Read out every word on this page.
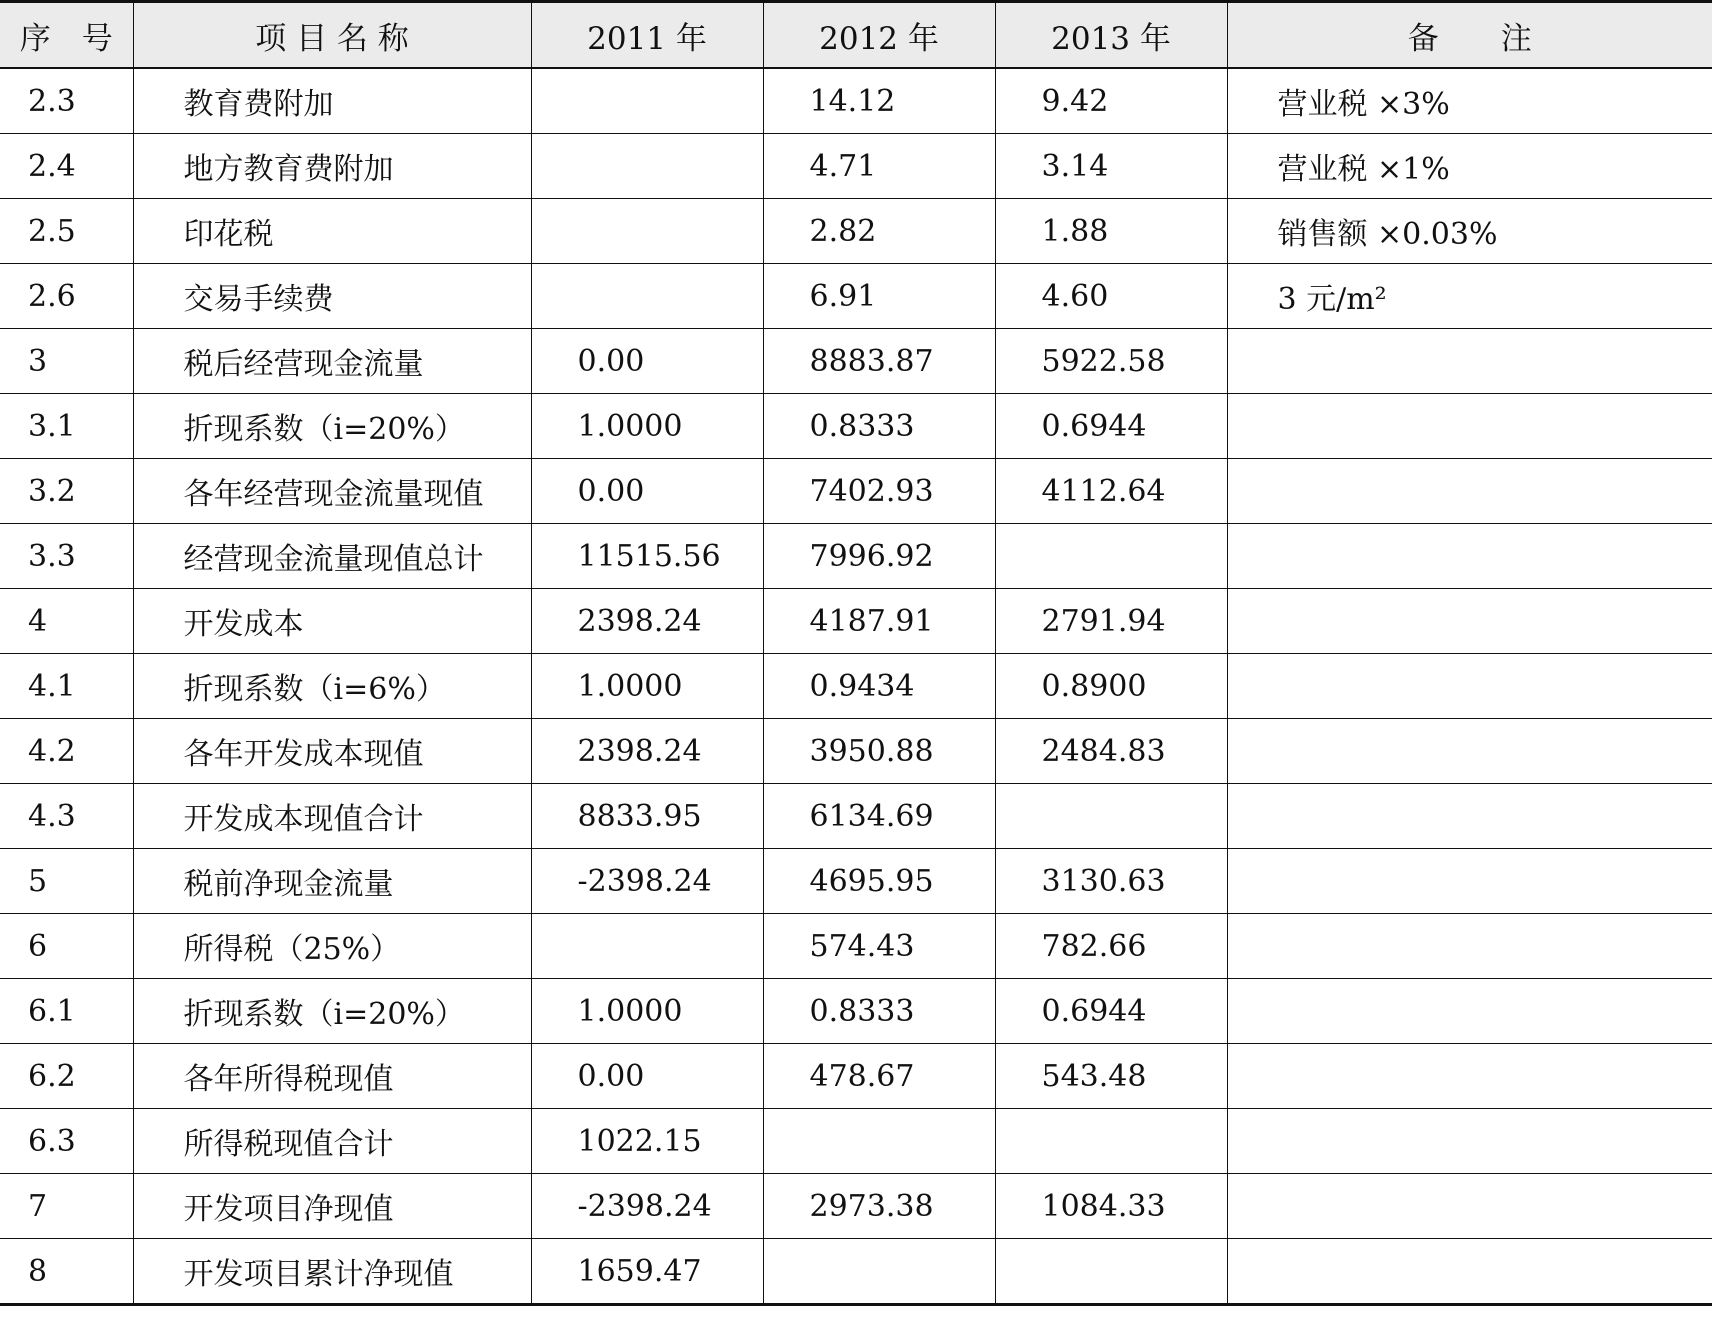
序　号	项 目 名 称	2011 年	2012 年	2013 年	备　　注
2.3	教育费附加		14.12	9.42	营业税 ×3%
2.4	地方教育费附加		4.71	3.14	营业税 ×1%
2.5	印花税		2.82	1.88	销售额 ×0.03%
2.6	交易手续费		6.91	4.60	3 元/m²
3	税后经营现金流量	0.00	8883.87	5922.58	
3.1	折现系数（i=20%）	1.0000	0.8333	0.6944	
3.2	各年经营现金流量现值	0.00	7402.93	4112.64	
3.3	经营现金流量现值总计	11515.56	7996.92		
4	开发成本	2398.24	4187.91	2791.94	
4.1	折现系数（i=6%）	1.0000	0.9434	0.8900	
4.2	各年开发成本现值	2398.24	3950.88	2484.83	
4.3	开发成本现值合计	8833.95	6134.69		
5	税前净现金流量	-2398.24	4695.95	3130.63	
6	所得税（25%）		574.43	782.66	
6.1	折现系数（i=20%）	1.0000	0.8333	0.6944	
6.2	各年所得税现值	0.00	478.67	543.48	
6.3	所得税现值合计	1022.15			
7	开发项目净现值	-2398.24	2973.38	1084.33	
8	开发项目累计净现值	1659.47			
